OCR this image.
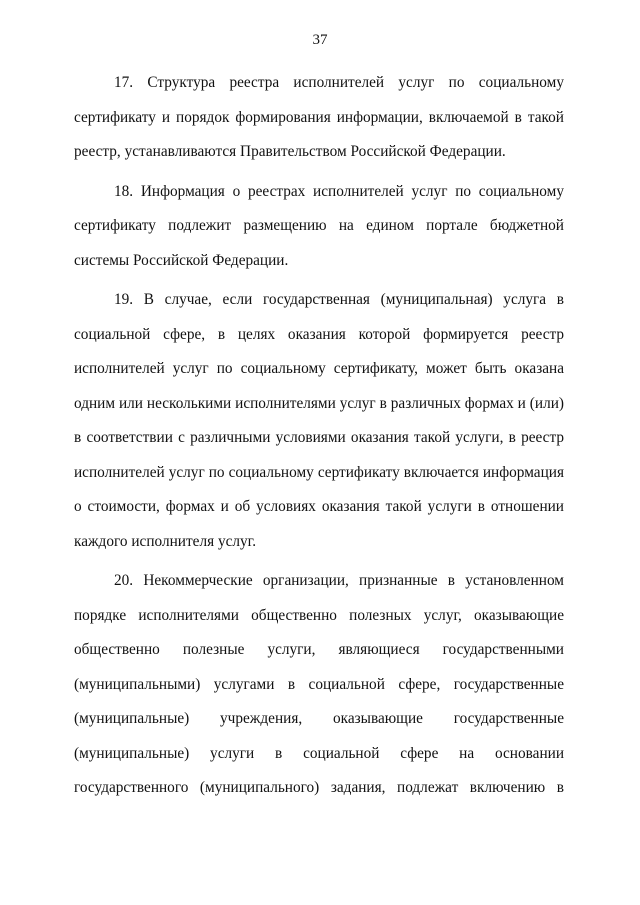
37
17. Структура реестра исполнителей услуг по социальному
сертификату и порядок формирования информации, включаемой в такой
реестр, устанавливаются Правительством Российской Федерации.
18. Информация о реестрах исполнителей услуг по социальному
сертификату подлежит размещению на едином портале бюджетной
системы Российской Федерации.
19. В случае, если государственная (муниципальная) услуга в
социальной сфере, в целях оказания которой формируется реестр
исполнителей услуг по социальному сертификату, может быть оказана
одним или несколькими исполнителями услуг в различных формах и (или)
в соответствии с различными условиями оказания такой услуги, в реестр
исполнителей услуг по социальному сертификату включается информация
о стоимости, формах и об условиях оказания такой услуги в отношении
каждого исполнителя услуг.
20. Некоммерческие организации, признанные в установленном
порядке исполнителями общественно полезных услуг, оказывающие
общественно полезные услуги, являющиеся государственными
(муниципальными) услугами в социальной сфере, государственные
(муниципальные) учреждения, оказывающие государственные
(муниципальные) услуги в социальной сфере на основании
государственного (муниципального) задания, подлежат включению в
